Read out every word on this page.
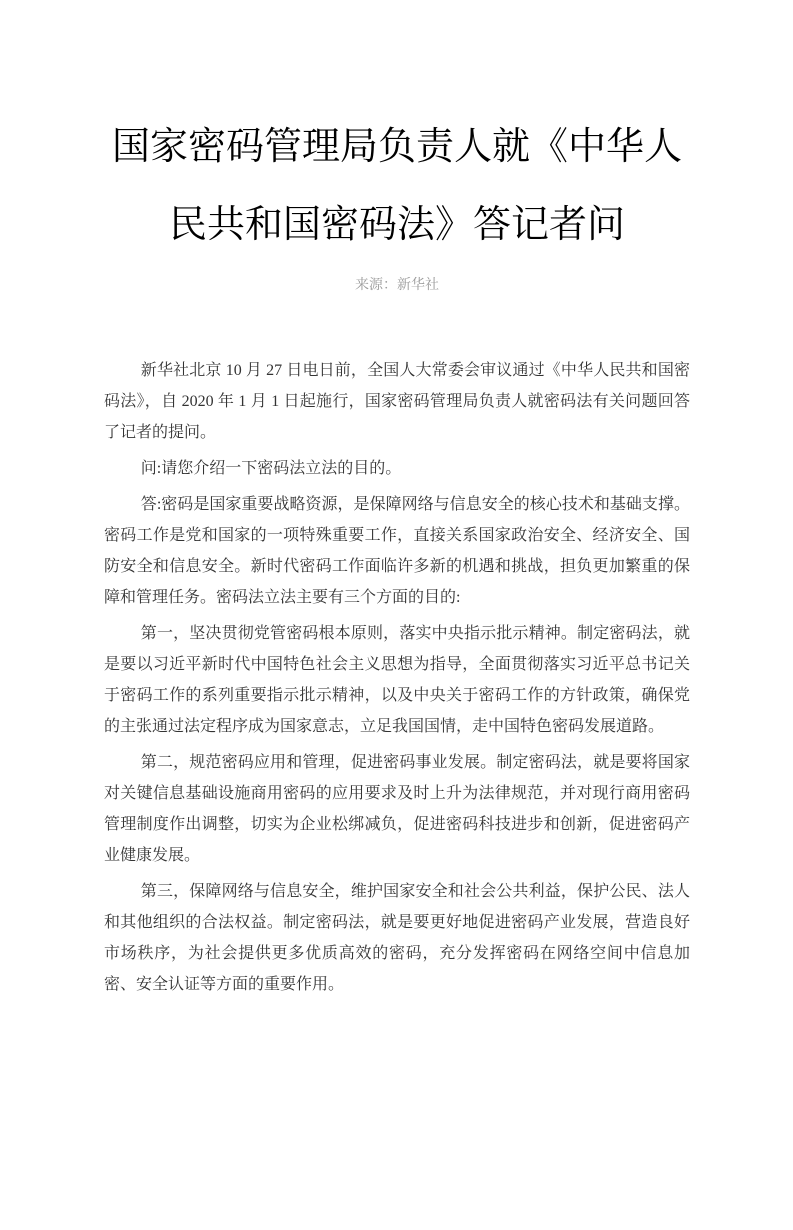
国家密码管理局负责人就《中华人
民共和国密码法》答记者问
来源：新华社

新华社北京 10 月 27 日电日前，全国人大常委会审议通过《中华人民共和国密码法》，自 2020 年 1 月 1 日起施行，国家密码管理局负责人就密码法有关问题回答了记者的提问。

问:请您介绍一下密码法立法的目的。

答:密码是国家重要战略资源，是保障网络与信息安全的核心技术和基础支撑。密码工作是党和国家的一项特殊重要工作，直接关系国家政治安全、经济安全、国防安全和信息安全。新时代密码工作面临许多新的机遇和挑战，担负更加繁重的保障和管理任务。密码法立法主要有三个方面的目的:

第一，坚决贯彻党管密码根本原则，落实中央指示批示精神。制定密码法，就是要以习近平新时代中国特色社会主义思想为指导，全面贯彻落实习近平总书记关于密码工作的系列重要指示批示精神，以及中央关于密码工作的方针政策，确保党的主张通过法定程序成为国家意志，立足我国国情，走中国特色密码发展道路。

第二，规范密码应用和管理，促进密码事业发展。制定密码法，就是要将国家对关键信息基础设施商用密码的应用要求及时上升为法律规范，并对现行商用密码管理制度作出调整，切实为企业松绑减负，促进密码科技进步和创新，促进密码产业健康发展。

第三，保障网络与信息安全，维护国家安全和社会公共利益，保护公民、法人和其他组织的合法权益。制定密码法，就是要更好地促进密码产业发展，营造良好市场秩序，为社会提供更多优质高效的密码，充分发挥密码在网络空间中信息加密、安全认证等方面的重要作用。
